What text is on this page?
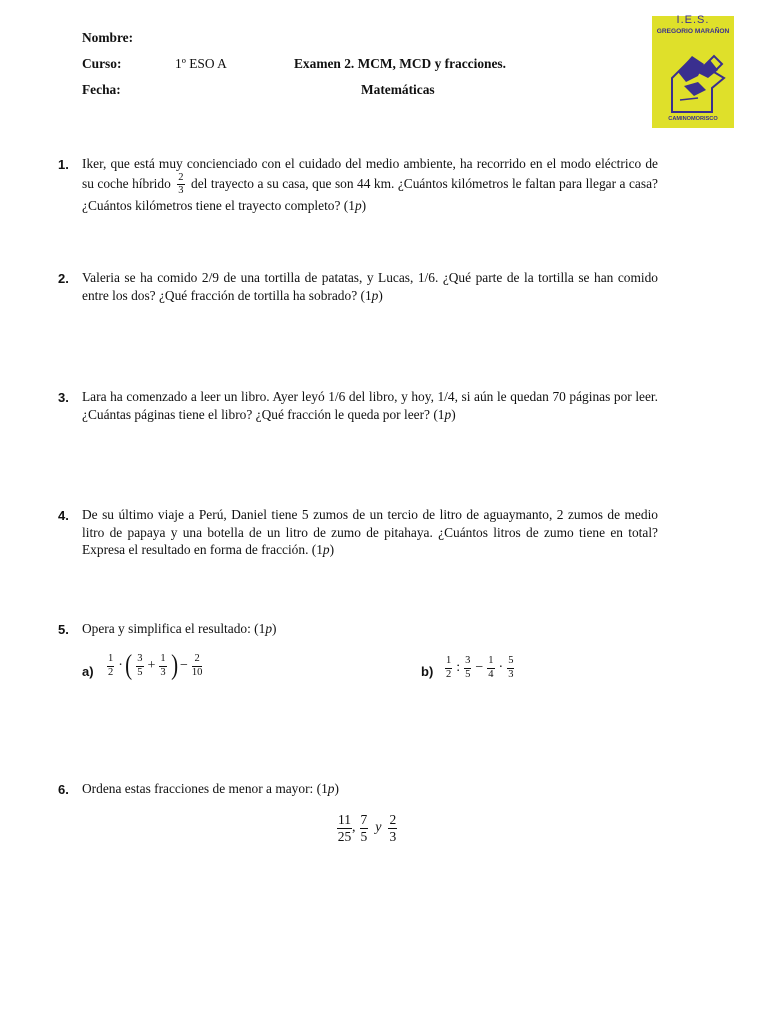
Nombre:
Curso:	1º ESO A	Examen 2. MCM, MCD y fracciones.
Fecha:	Matemáticas
I.E.S.
GREGORIO MARAÑON
CAMINOMORISCO
1. Iker, que está muy concienciado con el cuidado del medio ambiente, ha recorrido en el modo eléctrico de su coche híbrido $\frac{2}{3}$ del trayecto a su casa, que son 44 km. ¿Cuántos kilómetros le faltan para llegar a casa? ¿Cuántos kilómetros tiene el trayecto completo? (1p)
2. Valeria se ha comido 2/9 de una tortilla de patatas, y Lucas, 1/6. ¿Qué parte de la tortilla se han comido entre los dos? ¿Qué fracción de tortilla ha sobrado? (1p)
3. Lara ha comenzado a leer un libro. Ayer leyó 1/6 del libro, y hoy, 1/4, si aún le quedan 70 páginas por leer. ¿Cuántas páginas tiene el libro? ¿Qué fracción le queda por leer? (1p)
4. De su último viaje a Perú, Daniel tiene 5 zumos de un tercio de litro de aguaymanto, 2 zumos de medio litro de papaya y una botella de un litro de zumo de pitahaya. ¿Cuántos litros de zumo tiene en total? Expresa el resultado en forma de fracción. (1p)
5. Opera y simplifica el resultado: (1p)
$a) \frac{1}{2}$ ·( $\frac{3}{5} + \frac{1}{3}$ ) − $\frac{2}{10}$	$b) \frac{1}{2}$ : $\frac{3}{5} - \frac{1}{4} \cdot \frac{5}{3}$
6. Ordena estas fracciones de menor a mayor: (1p)
$\frac{11}{25}$ , $\frac{7}{5}$ y $\frac{2}{3}$
